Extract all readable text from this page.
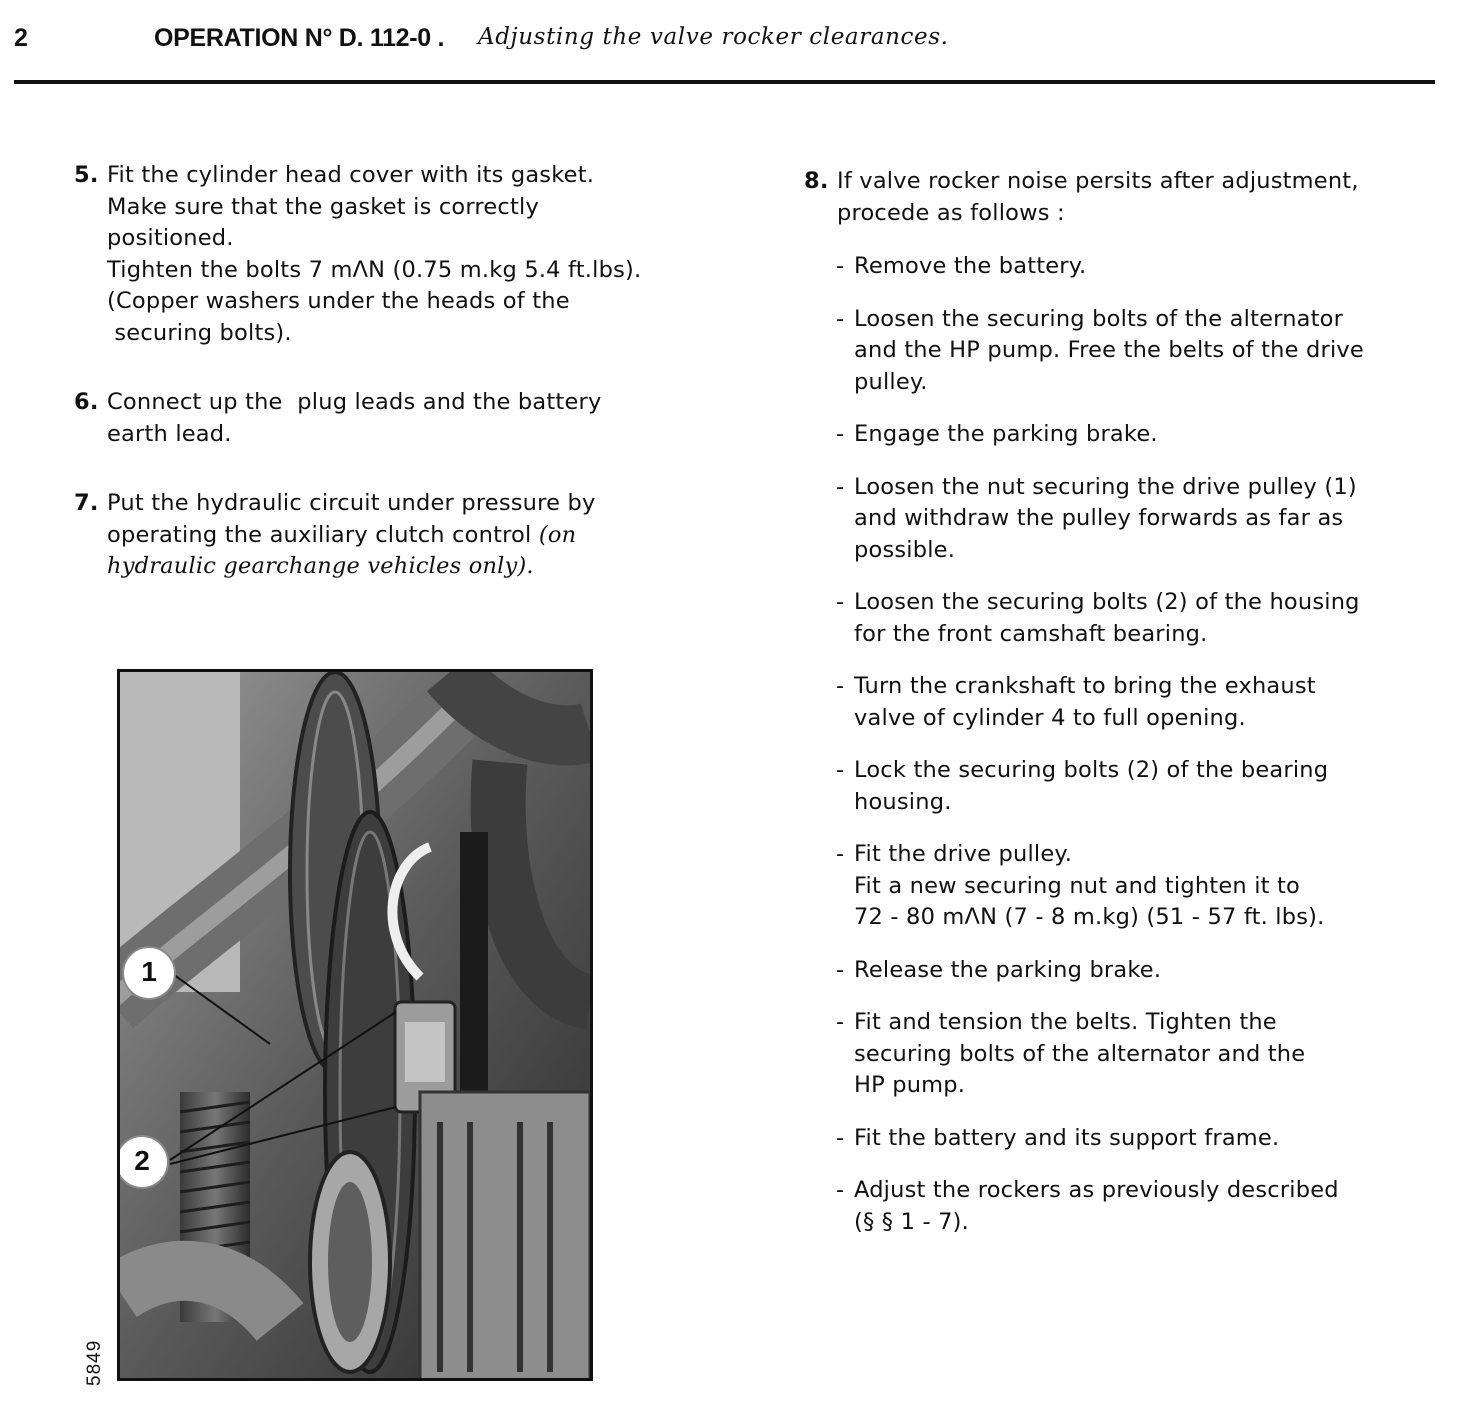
2	OPERATION N° D. 112-0 . Adjusting the valve rocker clearances.
5. Fit the cylinder head cover with its gasket.
Make sure that the gasket is correctly
positioned.
Tighten the bolts 7 mΛN (0.75 m.kg 5.4 ft.lbs).
(Copper washers under the heads of the
securing bolts).
6. Connect up the  plug leads and the battery
earth lead.
7. Put the hydraulic circuit under pressure by
operating the auxiliary clutch control (on
hydraulic gearchange vehicles only).
1
2
5849
8. If valve rocker noise persits after adjustment,
procede as follows :
- Remove the battery.
- Loosen the securing bolts of the alternator
and the HP pump. Free the belts of the drive
pulley.
- Engage the parking brake.
- Loosen the nut securing the drive pulley (1)
and withdraw the pulley forwards as far as
possible.
- Loosen the securing bolts (2) of the housing
for the front camshaft bearing.
- Turn the crankshaft to bring the exhaust
valve of cylinder 4 to full opening.
- Lock the securing bolts (2) of the bearing
housing.
- Fit the drive pulley.
Fit a new securing nut and tighten it to
72 - 80 mΛN (7 - 8 m.kg) (51 - 57 ft. lbs).
- Release the parking brake.
- Fit and tension the belts. Tighten the
securing bolts of the alternator and the
HP pump.
- Fit the battery and its support frame.
- Adjust the rockers as previously described
(§ § 1 - 7).
